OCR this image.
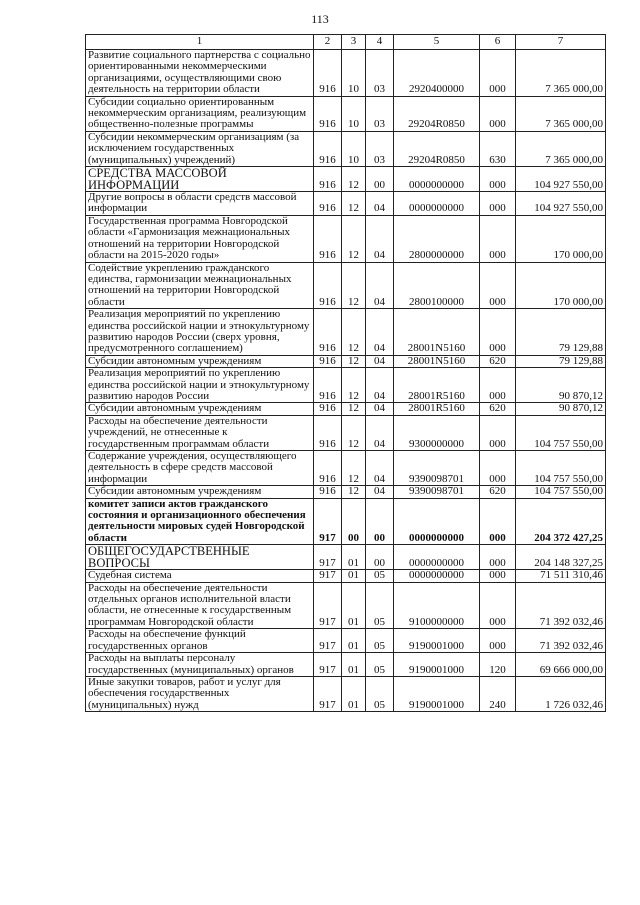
113
1	2	3	4	5	6	7
Развитие социального партнерства с социально ориентированными некоммерческими организациями, осуществляющими свою деятельность на территории области	916	10	03	2920400000	000	7 365 000,00
Субсидии социально ориентированным некоммерческим организациям, реализующим общественно-полезные программы	916	10	03	29204R0850	000	7 365 000,00
Субсидии некоммерческим организациям (за исключением государственных (муниципальных) учреждений)	916	10	03	29204R0850	630	7 365 000,00
СРЕДСТВА МАССОВОЙ ИНФОРМАЦИИ	916	12	00	0000000000	000	104 927 550,00
Другие вопросы в области средств массовой информации	916	12	04	0000000000	000	104 927 550,00
Государственная программа Новгородской области «Гармонизация межнациональных отношений на территории Новгородской области на 2015-2020 годы»	916	12	04	2800000000	000	170 000,00
Содействие укреплению гражданского единства, гармонизации межнациональных отношений на территории Новгородской области	916	12	04	2800100000	000	170 000,00
Реализация мероприятий по укреплению единства российской нации и этнокультурному развитию народов России (сверх уровня, предусмотренного соглашением)	916	12	04	28001N5160	000	79 129,88
Субсидии автономным учреждениям	916	12	04	28001N5160	620	79 129,88
Реализация мероприятий по укреплению единства российской нации и этнокультурному развитию народов России	916	12	04	28001R5160	000	90 870,12
Субсидии автономным учреждениям	916	12	04	28001R5160	620	90 870,12
Расходы на обеспечение деятельности учреждений, не отнесенные к государственным программам области	916	12	04	9300000000	000	104 757 550,00
Содержание учреждения, осуществляющего деятельность в сфере средств массовой информации	916	12	04	9390098701	000	104 757 550,00
Субсидии автономным учреждениям	916	12	04	9390098701	620	104 757 550,00
комитет записи актов гражданского состояния и организационного обеспечения деятельности мировых судей Новгородской области	917	00	00	0000000000	000	204 372 427,25
ОБЩЕГОСУДАРСТВЕННЫЕ ВОПРОСЫ	917	01	00	0000000000	000	204 148 327,25
Судебная система	917	01	05	0000000000	000	71 511 310,46
Расходы на обеспечение деятельности отдельных органов исполнительной власти области, не отнесенные к государственным программам Новгородской области	917	01	05	9100000000	000	71 392 032,46
Расходы на обеспечение функций государственных органов	917	01	05	9190001000	000	71 392 032,46
Расходы на выплаты персоналу государственных (муниципальных) органов	917	01	05	9190001000	120	69 666 000,00
Иные закупки товаров, работ и услуг для обеспечения государственных (муниципальных) нужд	917	01	05	9190001000	240	1 726 032,46
